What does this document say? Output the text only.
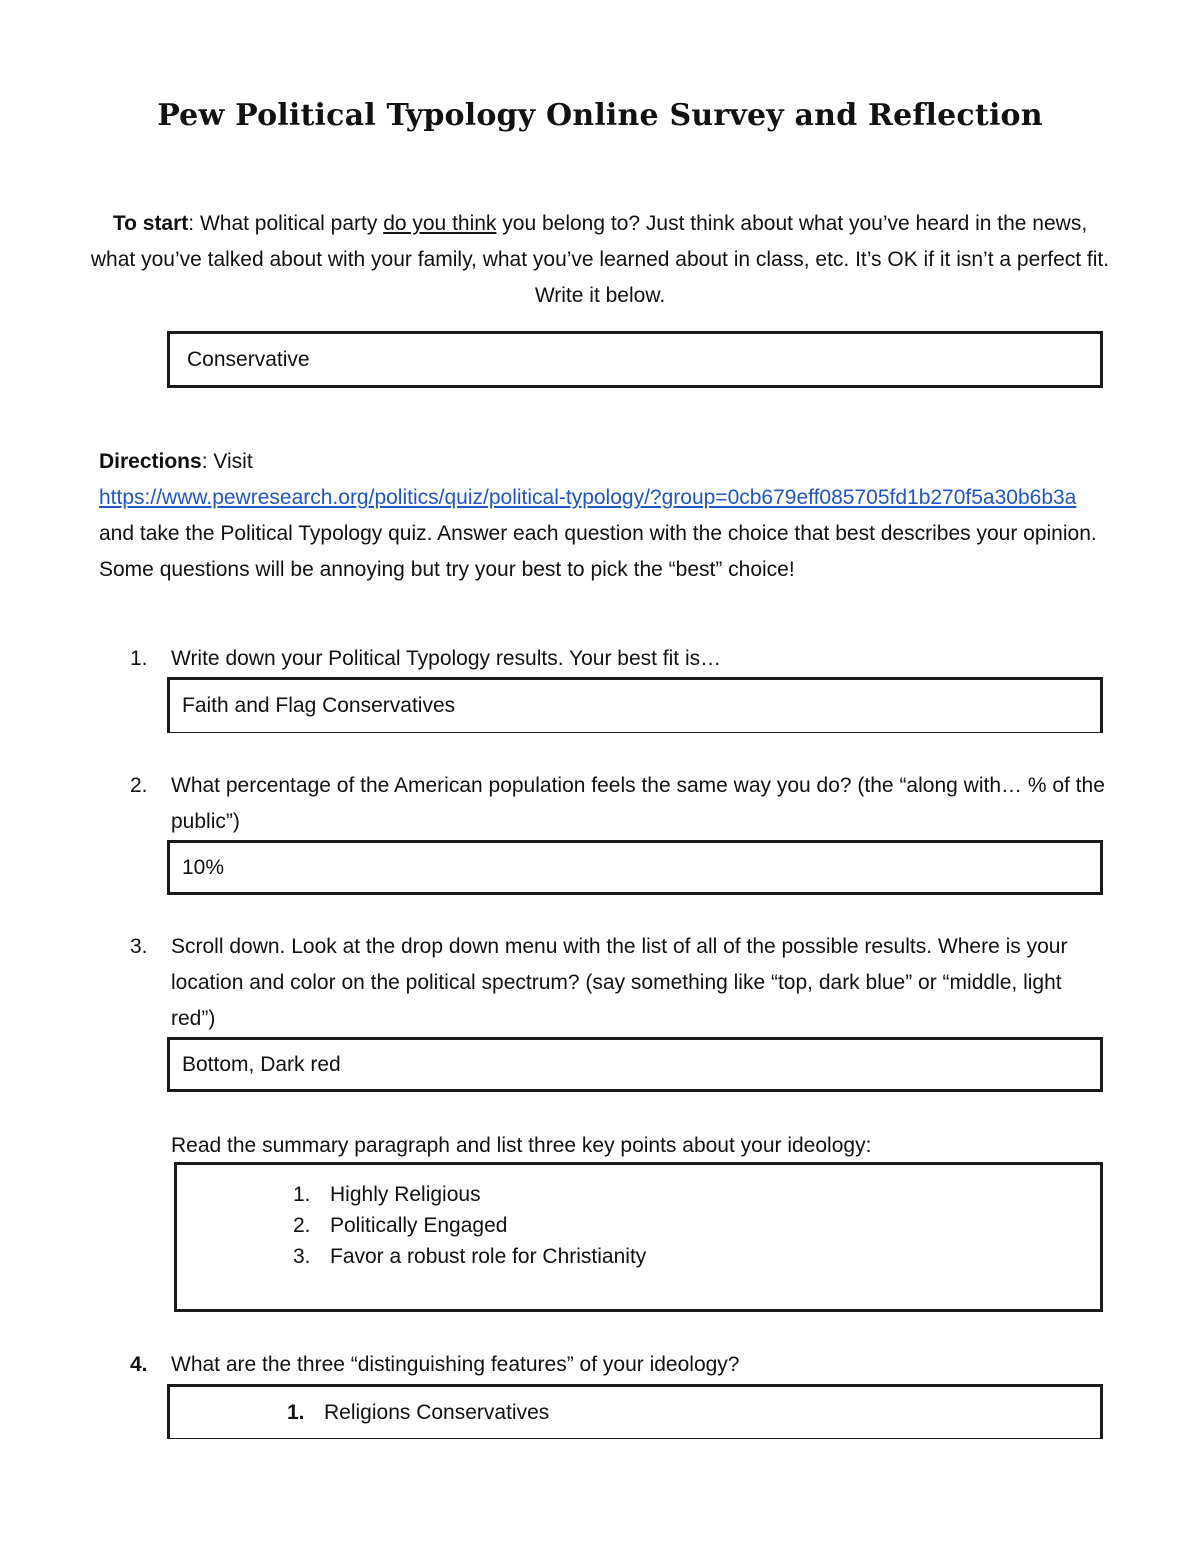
Pew Political Typology Online Survey and Reflection
To start: What political party do you think you belong to? Just think about what you’ve heard in the news, what you’ve talked about with your family, what you’ve learned about in class, etc. It’s OK if it isn’t a perfect fit. Write it below.
Conservative
Directions: Visit
https://www.pewresearch.org/politics/quiz/political-typology/?group=0cb679eff085705fd1b270f5a30b6b3a and take the Political Typology quiz. Answer each question with the choice that best describes your opinion. Some questions will be annoying but try your best to pick the “best” choice!
1.	Write down your Political Typology results. Your best fit is…
Faith and Flag Conservatives
2.	What percentage of the American population feels the same way you do? (the “along with… % of the public”)
10%
3.	Scroll down. Look at the drop down menu with the list of all of the possible results. Where is your location and color on the political spectrum? (say something like “top, dark blue” or “middle, light red”)
Bottom, Dark red
Read the summary paragraph and list three key points about your ideology:
1. Highly Religious
2. Politically Engaged
3. Favor a robust role for Christianity
4.	What are the three “distinguishing features” of your ideology?
1. Religions Conservatives
